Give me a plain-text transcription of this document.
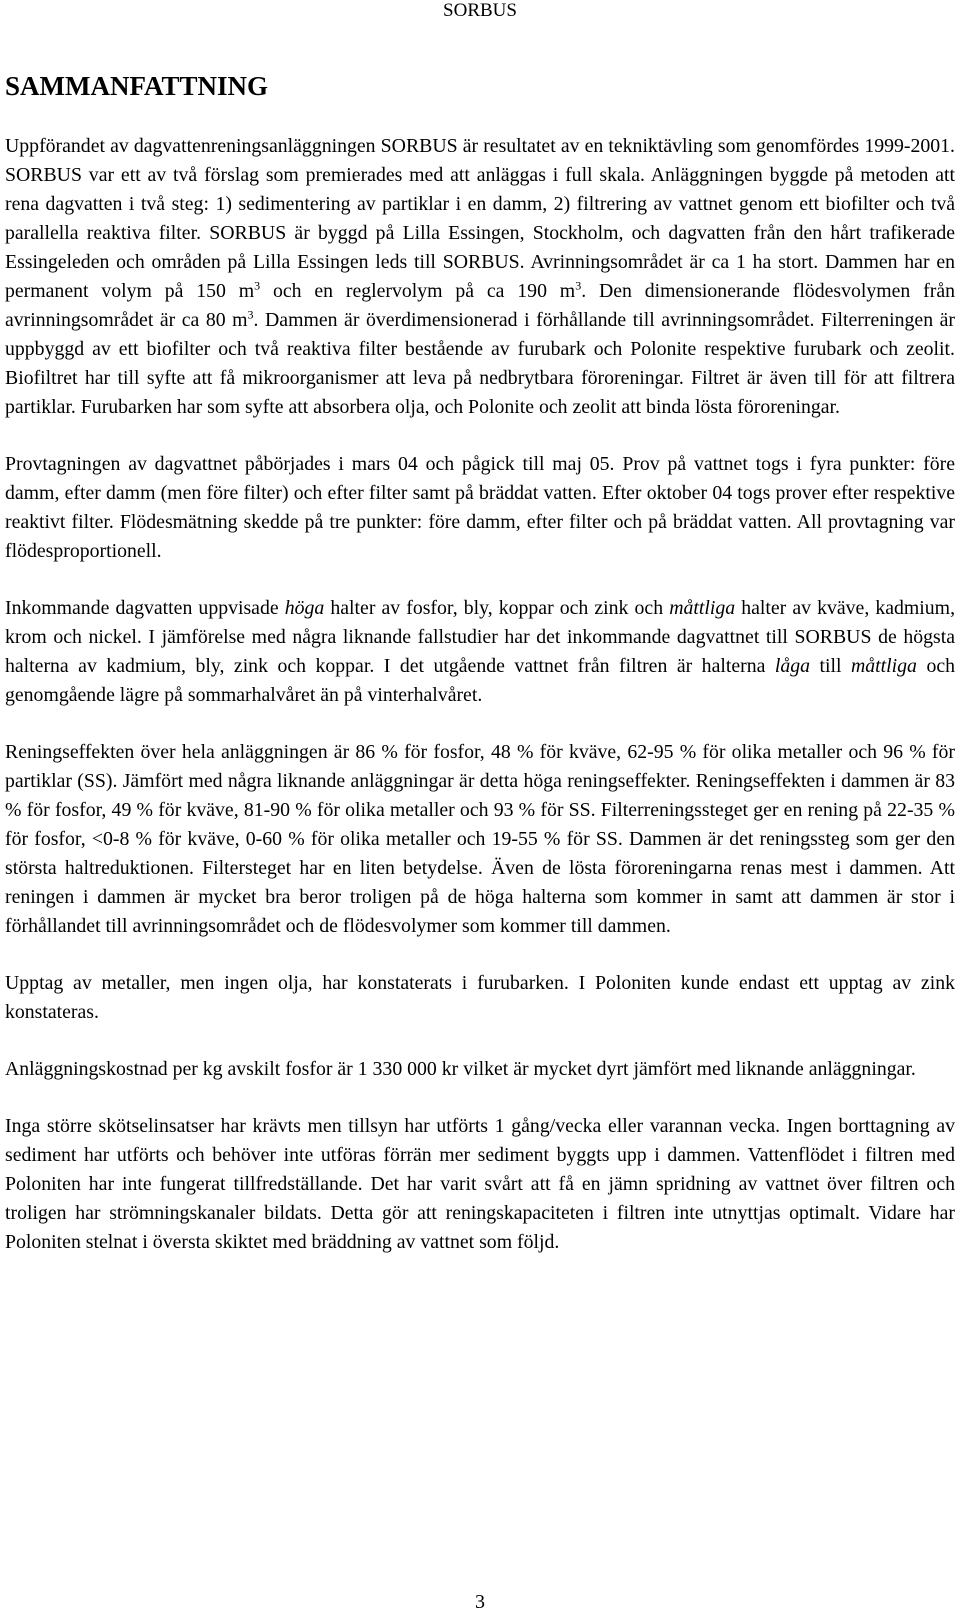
SORBUS
SAMMANFATTNING

Uppförandet av dagvattenreningsanläggningen SORBUS är resultatet av en tekniktävling som genomfördes 1999-2001. SORBUS var ett av två förslag som premierades med att anläggas i full skala. Anläggningen byggde på metoden att rena dagvatten i två steg: 1) sedimentering av partiklar i en damm, 2) filtrering av vattnet genom ett biofilter och två parallella reaktiva filter. SORBUS är byggd på Lilla Essingen, Stockholm, och dagvatten från den hårt trafikerade Essingeleden och områden på Lilla Essingen leds till SORBUS. Avrinningsområdet är ca 1 ha stort. Dammen har en permanent volym på 150 $m^3$ och en reglervolym på ca 190 $m^3$. Den dimensionerande flödesvolymen från avrinningsområdet är ca 80 $m^3$. Dammen är överdimensionerad i förhållande till avrinningsområdet. Filterreningen är uppbyggd av ett biofilter och två reaktiva filter bestående av furubark och Polonite respektive furubark och zeolit. Biofiltret har till syfte att få mikroorganismer att leva på nedbrytbara föroreningar. Filtret är även till för att filtrera partiklar. Furubarken har som syfte att absorbera olja, och Polonite och zeolit att binda lösta föroreningar.

Provtagningen av dagvattnet påbörjades i mars 04 och pågick till maj 05. Prov på vattnet togs i fyra punkter: före damm, efter damm (men före filter) och efter filter samt på bräddat vatten. Efter oktober 04 togs prover efter respektive reaktivt filter. Flödesmätning skedde på tre punkter: före damm, efter filter och på bräddat vatten. All provtagning var flödesproportionell.

Inkommande dagvatten uppvisade höga halter av fosfor, bly, koppar och zink och måttliga halter av kväve, kadmium, krom och nickel. I jämförelse med några liknande fallstudier har det inkommande dagvattnet till SORBUS de högsta halterna av kadmium, bly, zink och koppar. I det utgående vattnet från filtren är halterna låga till måttliga och genomgående lägre på sommarhalvåret än på vinterhalvåret.

Reningseffekten över hela anläggningen är 86 % för fosfor, 48 % för kväve, 62-95 % för olika metaller och 96 % för partiklar (SS). Jämfört med några liknande anläggningar är detta höga reningseffekter. Reningseffekten i dammen är 83 % för fosfor, 49 % för kväve, 81-90 % för olika metaller och 93 % för SS. Filterreningssteget ger en rening på 22-35 % för fosfor, <0-8 % för kväve, 0-60 % för olika metaller och 19-55 % för SS. Dammen är det reningssteg som ger den största haltreduktionen. Filtersteget har en liten betydelse. Även de lösta föroreningarna renas mest i dammen. Att reningen i dammen är mycket bra beror troligen på de höga halterna som kommer in samt att dammen är stor i förhållandet till avrinningsområdet och de flödesvolymer som kommer till dammen.

Upptag av metaller, men ingen olja, har konstaterats i furubarken. I Poloniten kunde endast ett upptag av zink konstateras.

Anläggningskostnad per kg avskilt fosfor är 1 330 000 kr vilket är mycket dyrt jämfört med liknande anläggningar.

Inga större skötselinsatser har krävts men tillsyn har utförts 1 gång/vecka eller varannan vecka. Ingen borttagning av sediment har utförts och behöver inte utföras förrän mer sediment byggts upp i dammen. Vattenflödet i filtren med Poloniten har inte fungerat tillfredställande. Det har varit svårt att få en jämn spridning av vattnet över filtren och troligen har strömningskanaler bildats. Detta gör att reningskapaciteten i filtren inte utnyttjas optimalt. Vidare har Poloniten stelnat i översta skiktet med bräddning av vattnet som följd.

3
